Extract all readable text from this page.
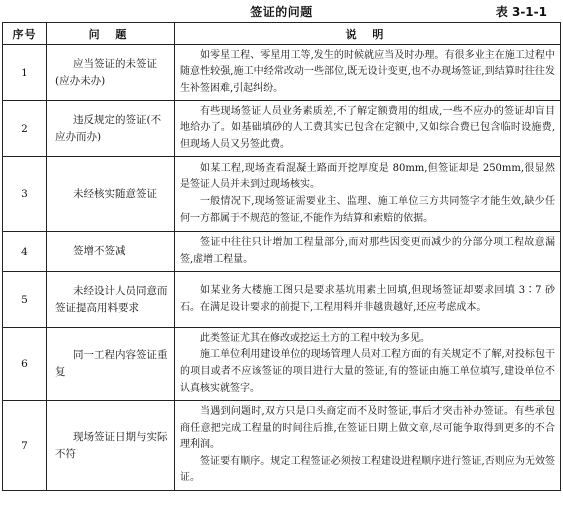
签证的问题	表 3-1-1
序号	问 题	说 明
1	应当签证的未签证(应办未办)	如零星工程、零星用工等,发生的时候就应当及时办理。有很多业主在施工过程中随意性较强,施工中经常改动一些部位,既无设计变更,也不办现场签证,到结算时往往发生补签困难,引起纠纷。

2	违反规定的签证(不应办而办)	有些现场签证人员业务素质差,不了解定额费用的组成,一些不应办的签证却盲目地给办了。如基础填砂的人工费其实已包含在定额中,又如综合费已包含临时设施费,但现场人员又另签此费。

3	未经核实随意签证	如某工程,现场查看混凝土路面开挖厚度是 80mm,但签证却是 250mm,很显然是签证人员并未到过现场核实。

一般情况下,现场签证需要业主、监理、施工单位三方共同签字才能生效,缺少任何一方都属于不规范的签证,不能作为结算和索赔的依据。

4	签增不签减	签证中往往只计增加工程量部分,而对那些因变更而减少的分部分项工程故意漏签,虚增工程量。

5	未经设计人员同意而签证提高用料要求	如某业务大楼施工图只是要求基坑用素土回填,但现场签证却要求回填 3∶7 砂石。在满足设计要求的前提下,工程用料并非越贵越好,还应考虑成本。

6	同一工程内容签证重复	此类签证尤其在修改或挖运土方的工程中较为多见。

施工单位利用建设单位的现场管理人员对工程方面的有关规定不了解,对投标包干的项目或者不应该签证的项目进行大量的签证,有的签证由施工单位填写,建设单位不认真核实就签字。

7	现场签证日期与实际不符	当遇到问题时,双方只是口头商定而不及时签证,事后才突击补办签证。有些承包商任意把完成工程量的时间往后推,在签证日期上做文章,尽可能争取得到更多的不合理利润。

签证要有顺序。规定工程签证必须按工程建设进程顺序进行签证,否则应为无效签证。
